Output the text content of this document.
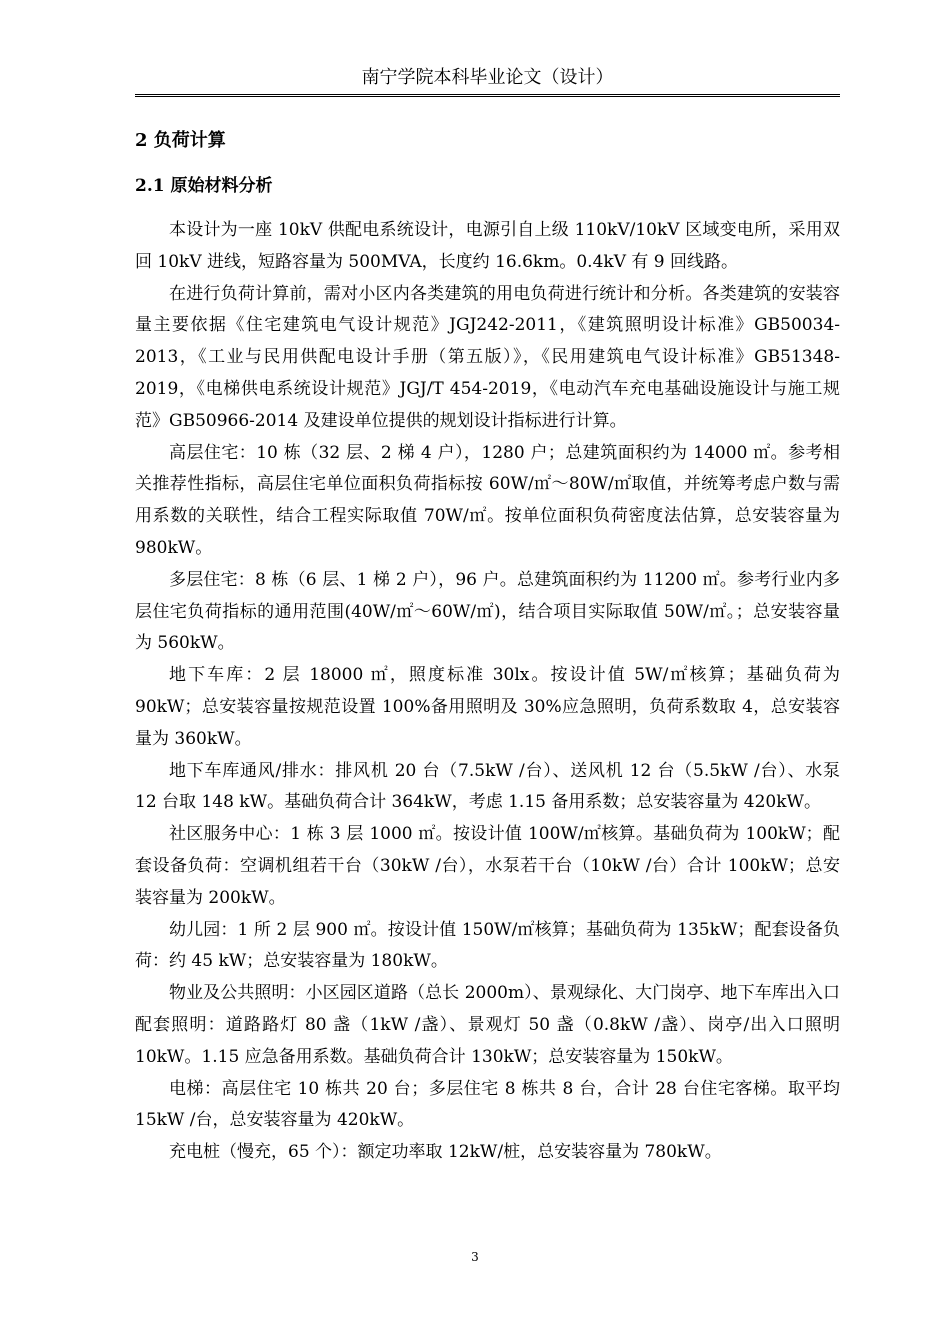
南宁学院本科毕业论文（设计）
2 负荷计算
2.1 原始材料分析

本设计为一座 10kV 供配电系统设计，电源引自上级 110kV/10kV 区域变电所，采用双回 10kV 进线，短路容量为 500MVA，长度约 16.6km。0.4kV 有 9 回线路。

在进行负荷计算前，需对小区内各类建筑的用电负荷进行统计和分析。各类建筑的安装容量主要依据《住宅建筑电气设计规范》JGJ242-2011，《建筑照明设计标准》GB50034-2013，《工业与民用供配电设计手册（第五版）》，《民用建筑电气设计标准》GB51348-2019，《电梯供电系统设计规范》JGJ/T 454-2019，《电动汽车充电基础设施设计与施工规范》GB50966-2014 及建设单位提供的规划设计指标进行计算。

高层住宅：10 栋（32 层、2 梯 4 户），1280 户；总建筑面积约为 14000 ㎡。参考相关推荐性指标，高层住宅单位面积负荷指标按 60W/㎡～80W/㎡取值，并统筹考虑户数与需用系数的关联性，结合工程实际取值 70W/㎡。按单位面积负荷密度法估算，总安装容量为 980kW。

多层住宅：8 栋（6 层、1 梯 2 户），96 户。总建筑面积约为 11200 ㎡。参考行业内多层住宅负荷指标的通用范围(40W/㎡～60W/㎡)，结合项目实际取值 50W/㎡。；总安装容量为 560kW。

地下车库：2 层 18000 ㎡，照度标准 30lx。按设计值 5W/㎡核算；基础负荷为 90kW；总安装容量按规范设置 100%备用照明及 30%应急照明，负荷系数取 4，总安装容量为 360kW。

地下车库通风/排水：排风机 20 台（7.5kW /台）、送风机 12 台（5.5kW /台）、水泵 12 台取 148 kW。基础负荷合计 364kW，考虑 1.15 备用系数；总安装容量为 420kW。

社区服务中心：1 栋 3 层 1000 ㎡。按设计值 100W/㎡核算。基础负荷为 100kW；配套设备负荷：空调机组若干台（30kW /台），水泵若干台（10kW /台）合计 100kW；总安装容量为 200kW。

幼儿园：1 所 2 层 900 ㎡。按设计值 150W/㎡核算；基础负荷为 135kW；配套设备负荷：约 45 kW；总安装容量为 180kW。

物业及公共照明：小区园区道路（总长 2000m）、景观绿化、大门岗亭、地下车库出入口配套照明：道路路灯 80 盏（1kW /盏）、景观灯 50 盏（0.8kW /盏）、岗亭/出入口照明 10kW。1.15 应急备用系数。基础负荷合计 130kW；总安装容量为 150kW。

电梯：高层住宅 10 栋共 20 台；多层住宅 8 栋共 8 台，合计 28 台住宅客梯。取平均 15kW /台，总安装容量为 420kW。

充电桩（慢充，65 个）：额定功率取 12kW/桩，总安装容量为 780kW。

3
